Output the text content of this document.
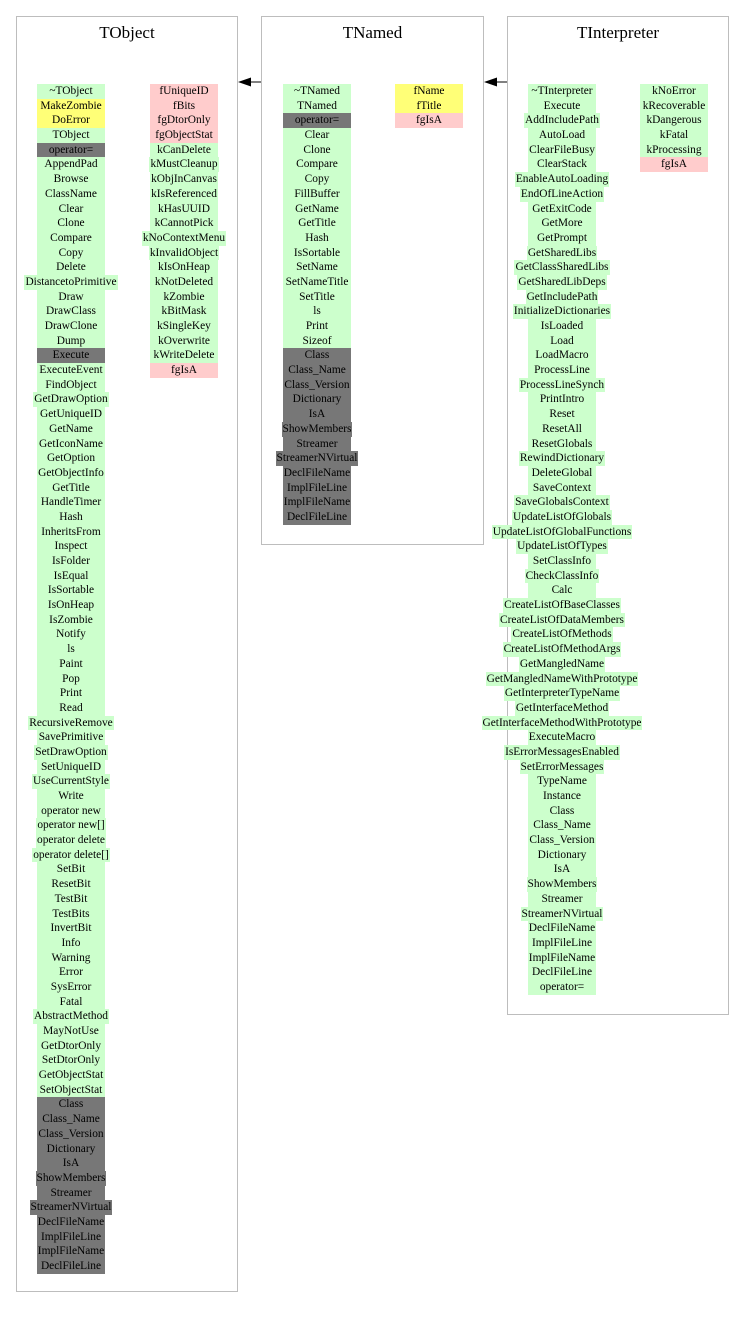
TObject
~TObject
MakeZombie
DoError
TObject
operator=
AppendPad
Browse
ClassName
Clear
Clone
Compare
Copy
Delete
DistancetoPrimitive
Draw
DrawClass
DrawClone
Dump
Execute
ExecuteEvent
FindObject
GetDrawOption
GetUniqueID
GetName
GetIconName
GetOption
GetObjectInfo
GetTitle
HandleTimer
Hash
InheritsFrom
Inspect
IsFolder
IsEqual
IsSortable
IsOnHeap
IsZombie
Notify
ls
Paint
Pop
Print
Read
RecursiveRemove
SavePrimitive
SetDrawOption
SetUniqueID
UseCurrentStyle
Write
operator new
operator new[]
operator delete
operator delete[]
SetBit
ResetBit
TestBit
TestBits
InvertBit
Info
Warning
Error
SysError
Fatal
AbstractMethod
MayNotUse
GetDtorOnly
SetDtorOnly
GetObjectStat
SetObjectStat
Class
Class_Name
Class_Version
Dictionary
IsA
ShowMembers
Streamer
StreamerNVirtual
DeclFileName
ImplFileLine
ImplFileName
DeclFileLine
fUniqueID
fBits
fgDtorOnly
fgObjectStat
kCanDelete
kMustCleanup
kObjInCanvas
kIsReferenced
kHasUUID
kCannotPick
kNoContextMenu
kInvalidObject
kIsOnHeap
kNotDeleted
kZombie
kBitMask
kSingleKey
kOverwrite
kWriteDelete
fgIsA
TNamed
~TNamed
TNamed
operator=
Clear
Clone
Compare
Copy
FillBuffer
GetName
GetTitle
Hash
IsSortable
SetName
SetNameTitle
SetTitle
ls
Print
Sizeof
Class
Class_Name
Class_Version
Dictionary
IsA
ShowMembers
Streamer
StreamerNVirtual
DeclFileName
ImplFileLine
ImplFileName
DeclFileLine
fName
fTitle
fgIsA
TInterpreter
~TInterpreter
Execute
AddIncludePath
AutoLoad
ClearFileBusy
ClearStack
EnableAutoLoading
EndOfLineAction
GetExitCode
GetMore
GetPrompt
GetSharedLibs
GetClassSharedLibs
GetSharedLibDeps
GetIncludePath
InitializeDictionaries
IsLoaded
Load
LoadMacro
ProcessLine
ProcessLineSynch
PrintIntro
Reset
ResetAll
ResetGlobals
RewindDictionary
DeleteGlobal
SaveContext
SaveGlobalsContext
UpdateListOfGlobals
UpdateListOfGlobalFunctions
UpdateListOfTypes
SetClassInfo
CheckClassInfo
Calc
CreateListOfBaseClasses
CreateListOfDataMembers
CreateListOfMethods
CreateListOfMethodArgs
GetMangledName
GetMangledNameWithPrototype
GetInterpreterTypeName
GetInterfaceMethod
GetInterfaceMethodWithPrototype
ExecuteMacro
IsErrorMessagesEnabled
SetErrorMessages
TypeName
Instance
Class
Class_Name
Class_Version
Dictionary
IsA
ShowMembers
Streamer
StreamerNVirtual
DeclFileName
ImplFileLine
ImplFileName
DeclFileLine
operator=
kNoError
kRecoverable
kDangerous
kFatal
kProcessing
fgIsA
